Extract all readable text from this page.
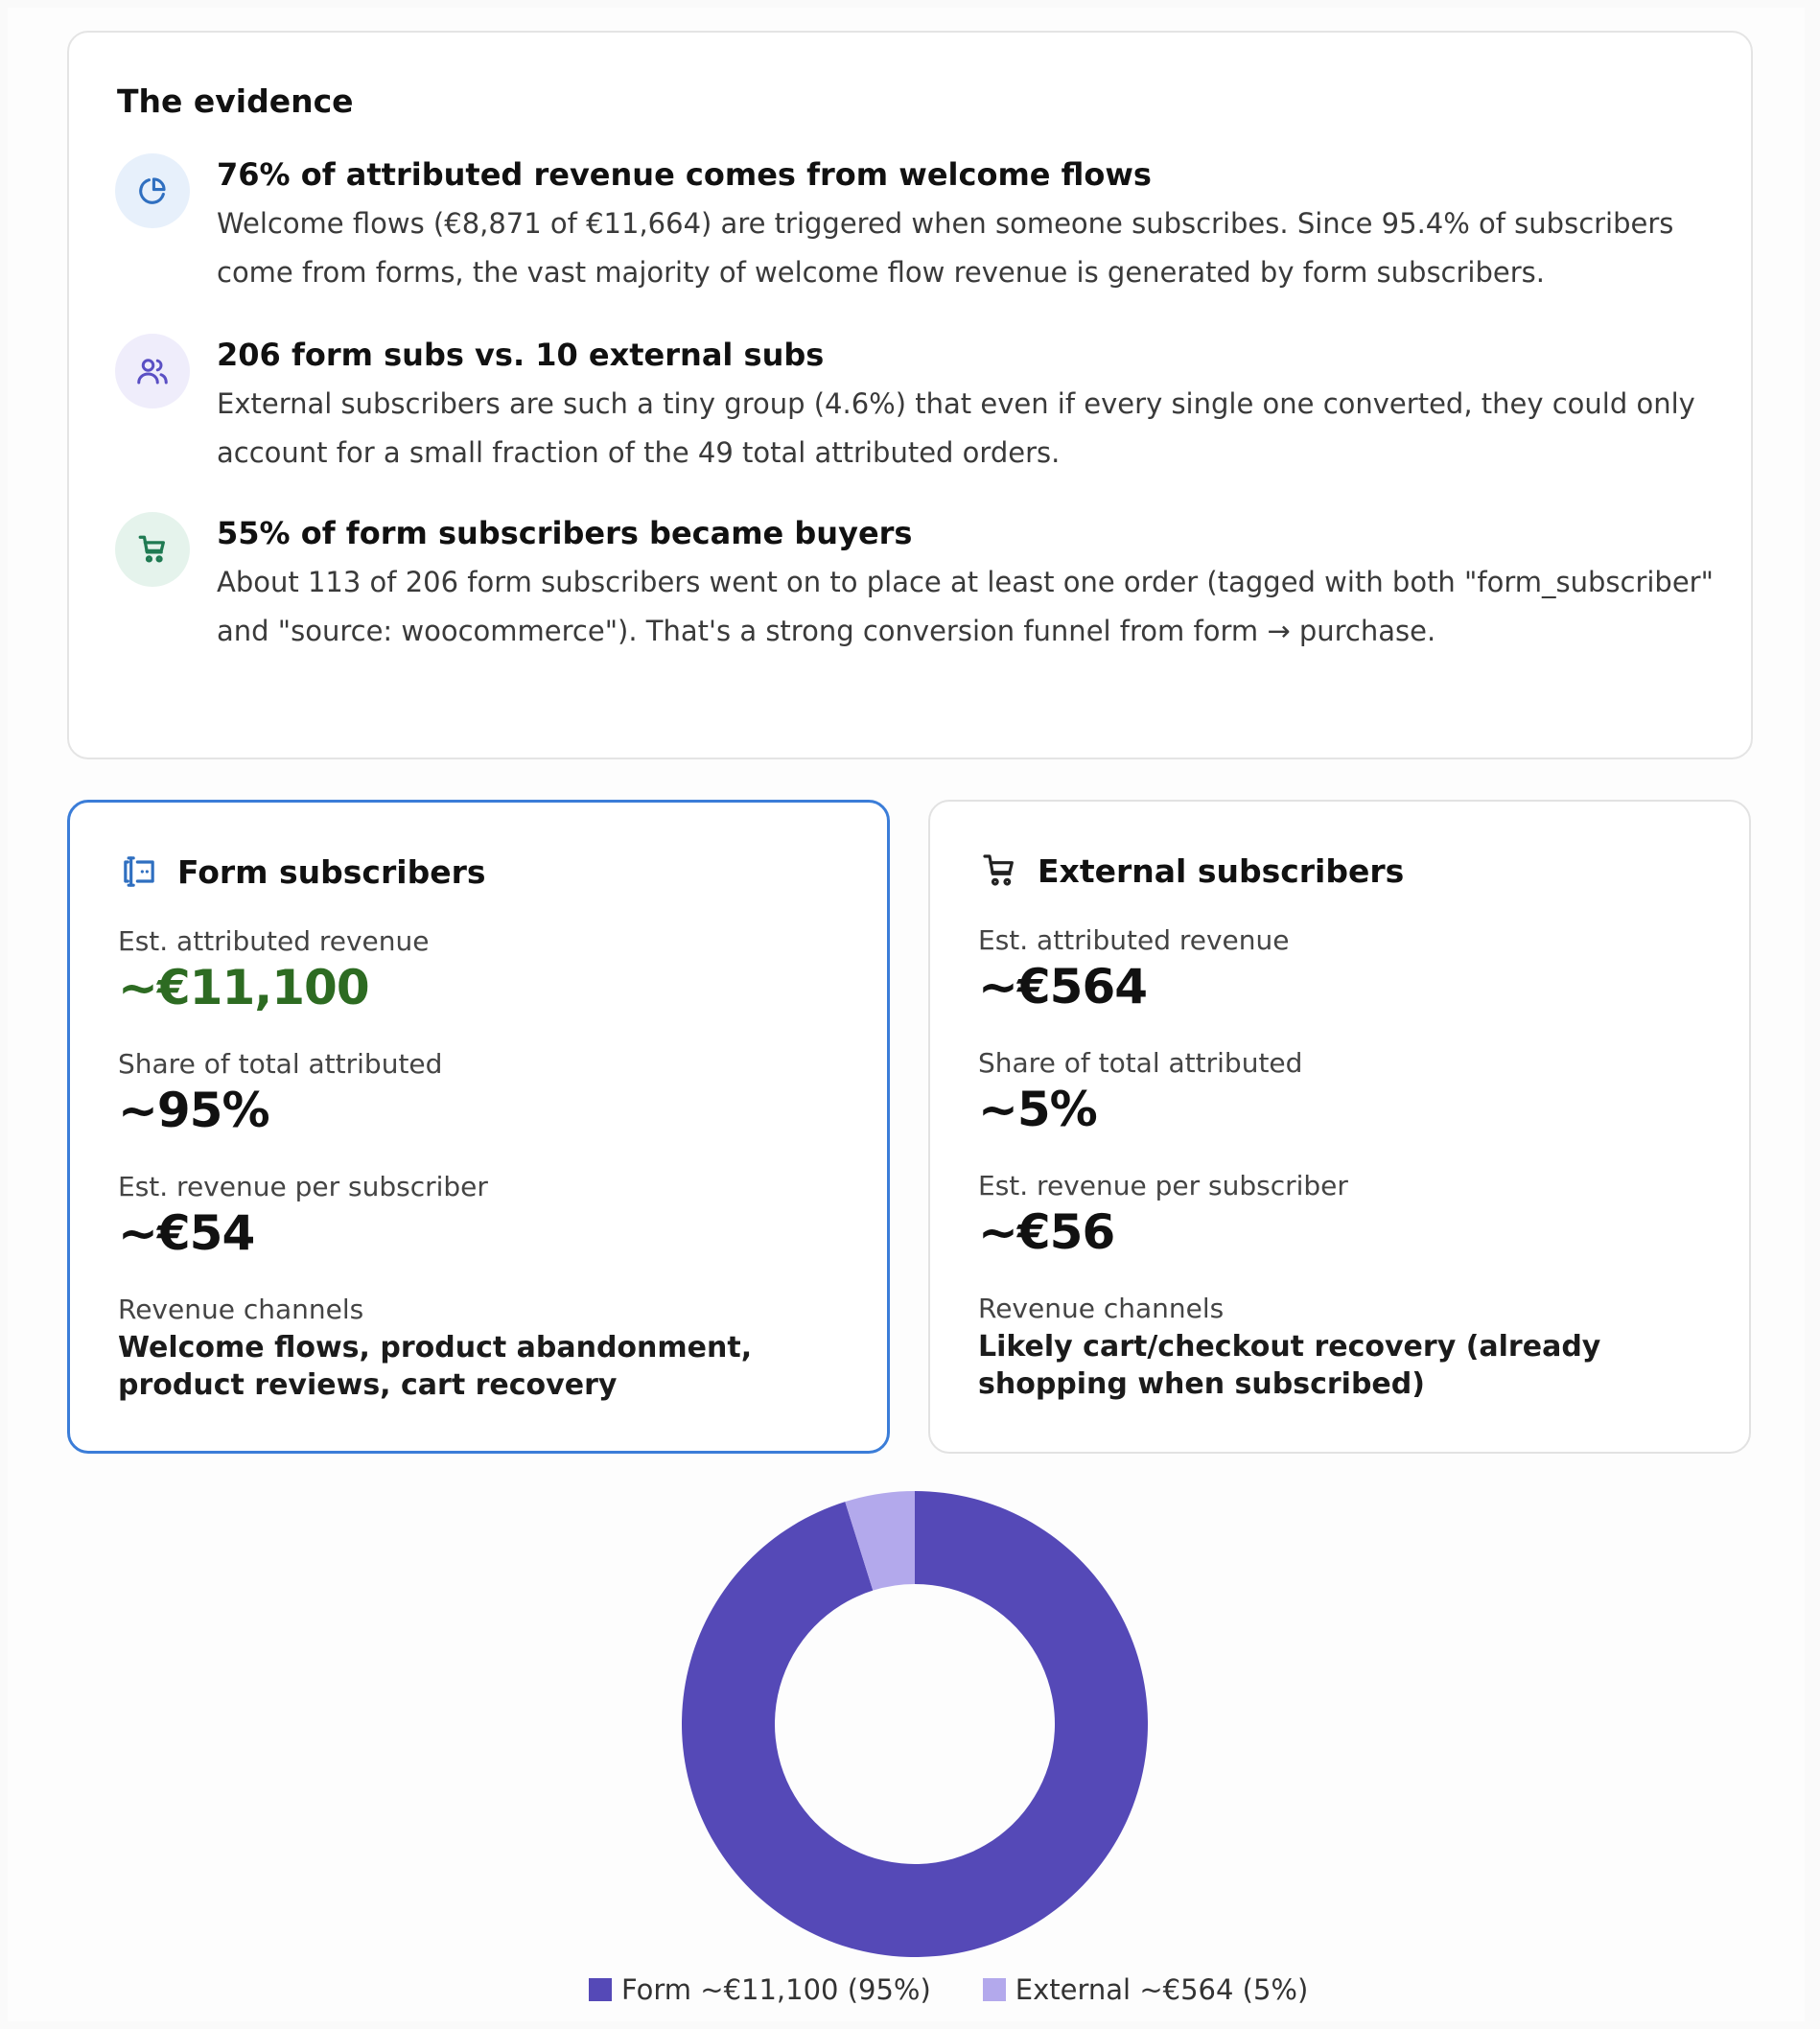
The evidence
76% of attributed revenue comes from welcome flows
Welcome flows (€8,871 of €11,664) are triggered when someone subscribes. Since 95.4% of subscribers come from forms, the vast majority of welcome flow revenue is generated by form subscribers.
206 form subs vs. 10 external subs
External subscribers are such a tiny group (4.6%) that even if every single one converted, they could only account for a small fraction of the 49 total attributed orders.
55% of form subscribers became buyers
About 113 of 206 form subscribers went on to place at least one order (tagged with both "form_subscriber" and "source: woocommerce"). That's a strong conversion funnel from form → purchase.
Form subscribers
Est. attributed revenue
~€11,100
Share of total attributed
~95%
Est. revenue per subscriber
~€54
Revenue channels
Welcome flows, product abandonment, product reviews, cart recovery
External subscribers
Est. attributed revenue
~€564
Share of total attributed
~5%
Est. revenue per subscriber
~€56
Revenue channels
Likely cart/checkout recovery (already shopping when subscribed)
Form ~€11,100 (95%)	External ~€564 (5%)
